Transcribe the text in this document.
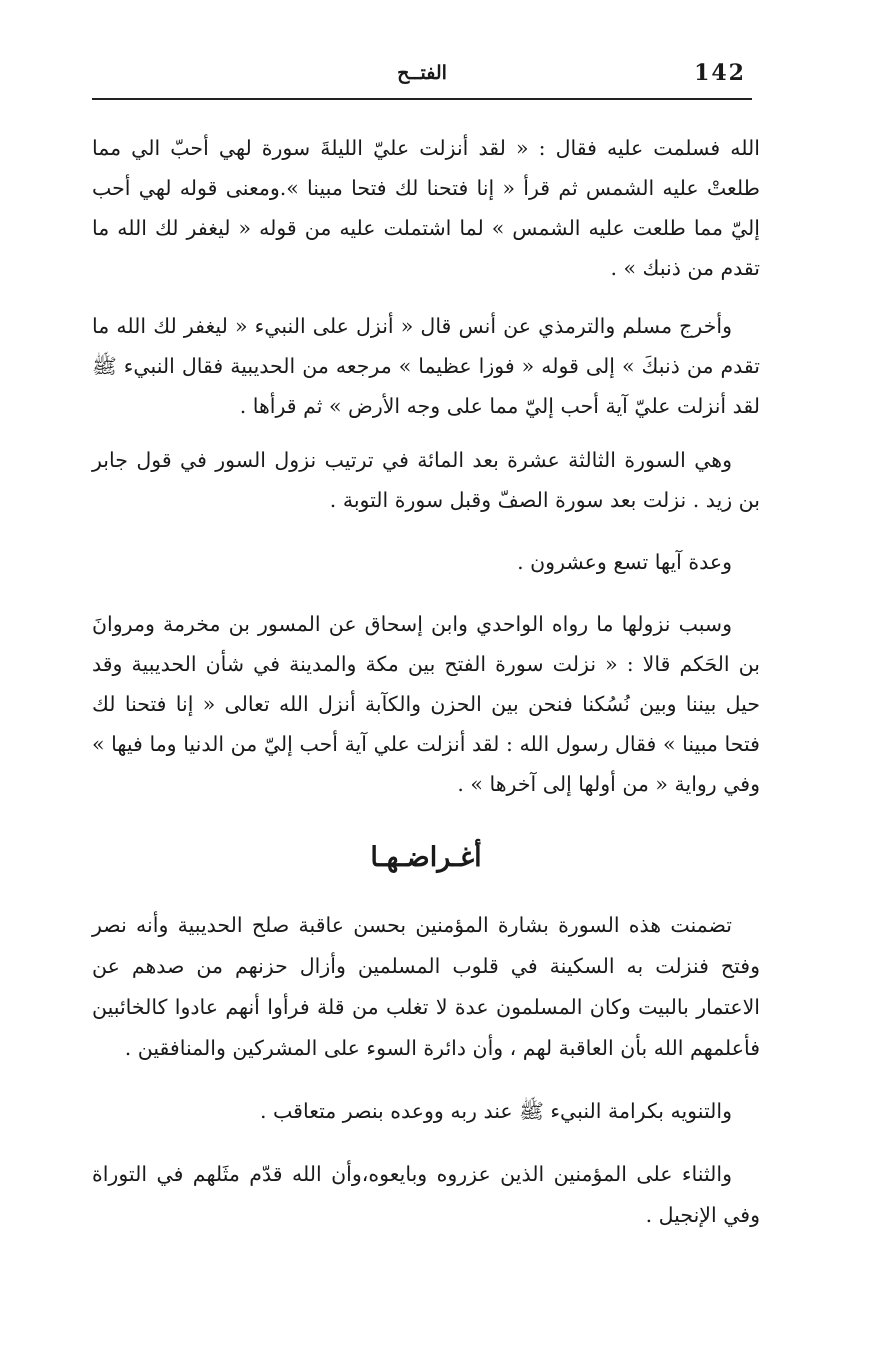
142
الفتــح

الله فسلمت عليه فقال : « لقد أنزلت عليّ الليلةَ سورة لهي أحبّ الي مما طلعتْ عليه الشمس ثم قرأ « إنا فتحنا لك فتحا مبينا ».ومعنى قوله لهي أحب إليّ مما طلعت عليه الشمس » لما اشتملت عليه من قوله « ليغفر لك الله ما تقدم من ذنبك » .

وأخرج مسلم والترمذي عن أنس قال « أنزل على النبيء « ليغفر لك الله ما تقدم من ذنبكَ » إلى قوله « فوزا عظيما » مرجعه من الحديبية فقال النبيء ﷺ لقد أنزلت عليّ آية أحب إليّ مما على وجه الأرض » ثم قرأها .

وهي السورة الثالثة عشرة بعد المائة في ترتيب نزول السور في قول جابر بن زيد . نزلت بعد سورة الصفّ وقبل سورة التوبة .

وعدة آيها تسع وعشرون .

وسبب نزولها ما رواه الواحدي وابن إسحاق عن المسور بن مخرمة ومروانَ بن الحَكم قالا : « نزلت سورة الفتح بين مكة والمدينة في شأن الحديبية وقد حيل بيننا وبين نُسُكنا فنحن بين الحزن والكآبة أنزل الله تعالى « إنا فتحنا لك فتحا مبينا » فقال رسول الله : لقد أنزلت علي آية أحب إليّ من الدنيا وما فيها » وفي رواية « من أولها إلى آخرها » .

أغـراضـهـا

تضمنت هذه السورة بشارة المؤمنين بحسن عاقبة صلح الحديبية وأنه نصر وفتح فنزلت به السكينة في قلوب المسلمين وأزال حزنهم من صدهم عن الاعتمار بالبيت وكان المسلمون عدة لا تغلب من قلة فرأوا أنهم عادوا كالخائبين فأعلمهم الله بأن العاقبة لهم ، وأن دائرة السوء على المشركين والمنافقين .

والتنويه بكرامة النبيء ﷺ عند ربه ووعده بنصر متعاقب .

والثناء على المؤمنين الذين عزروه وبايعوه،وأن الله قدّم مثَلهم في التوراة وفي الإنجيل .
